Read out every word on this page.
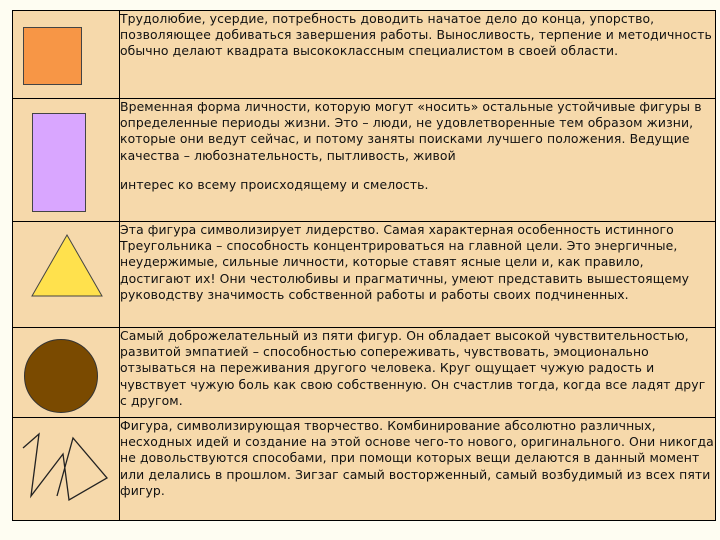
	Трудолюбие, усердие, потребность доводить начатое дело до конца, упорство, позволяющее добиваться завершения работы. Выносливость, терпение и методичность обычно делают квадрата высококлассным специалистом в своей области.

	Временная форма личности, которую могут «носить» остальные устойчивые фигуры в определенные периоды жизни. Это – люди, не удовлетворенные тем образом жизни, которые они ведут сейчас, и потому заняты поисками лучшего положения. Ведущие качества – любознательность, пытливость, живой
интерес ко всему происходящему и смелость.

	Эта фигура символизирует лидерство. Самая характерная особенность истинного Треугольника – способность концентрироваться на главной цели. Это энергичные, неудержимые, сильные личности, которые ставят ясные цели и, как правило, достигают их! Они честолюбивы и прагматичны, умеют представить вышестоящему руководству значимость собственной работы и работы своих подчиненных.

	Самый доброжелательный из пяти фигур. Он обладает высокой чувствительностью, развитой эмпатией – способностью сопереживать, чувствовать, эмоционально отзываться на переживания другого человека. Круг ощущает чужую радость и чувствует чужую боль как свою собственную. Он счастлив тогда, когда все ладят друг с другом.

	Фигура, символизирующая творчество. Комбинирование абсолютно различных, несходных идей и создание на этой основе чего-то нового, оригинального. Они никогда не довольствуются способами, при помощи которых вещи делаются в данный момент или делались в прошлом. Зигзаг самый восторженный, самый возбудимый из всех пяти фигур.
